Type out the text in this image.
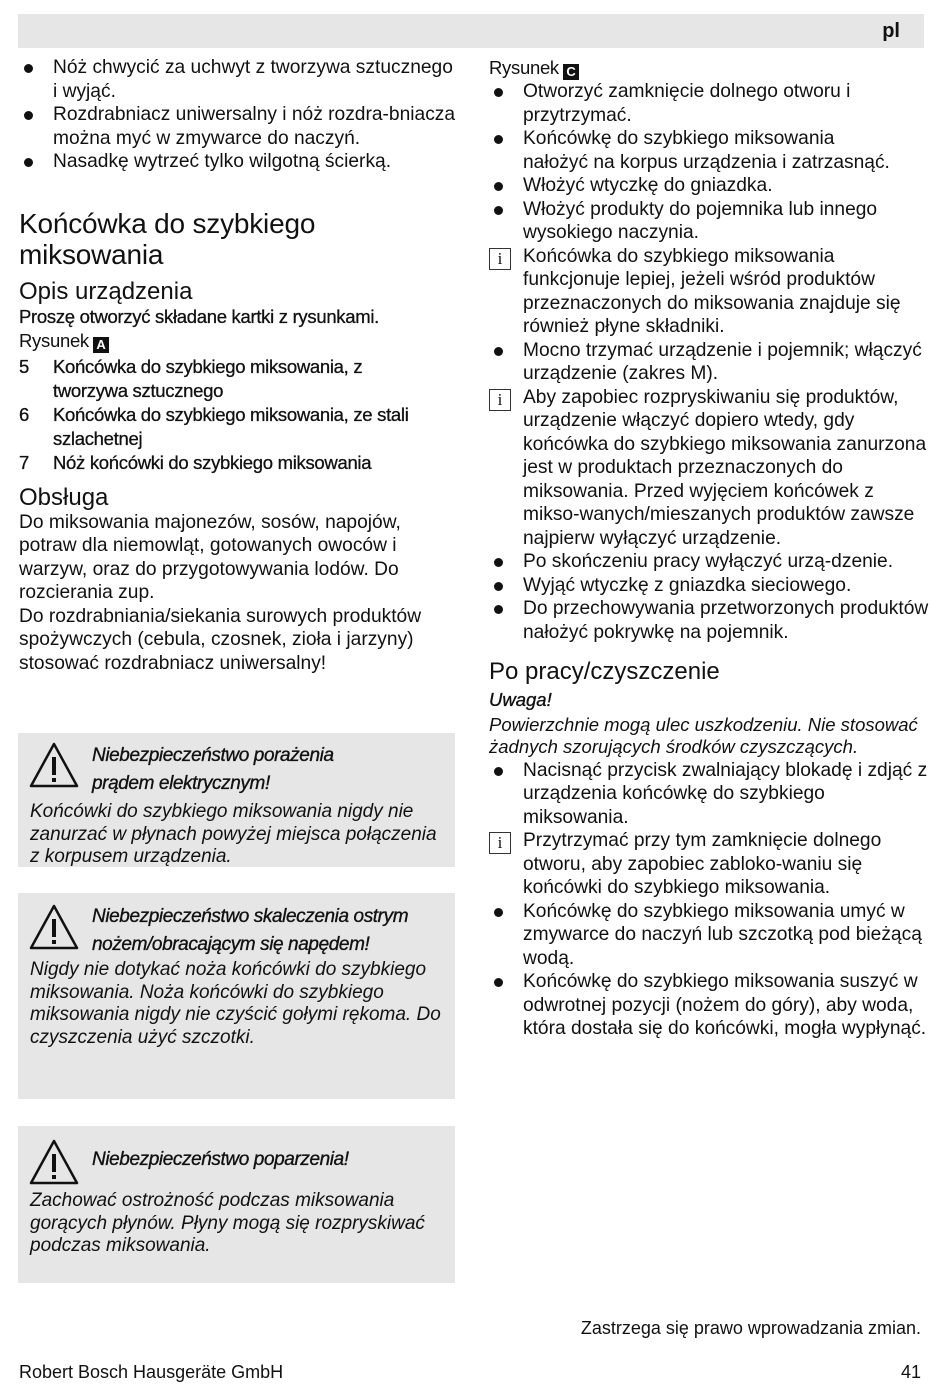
pl
Nóż chwycić za uchwyt z tworzywa sztucznego i wyjąć.
Rozdrabniacz uniwersalny i nóż rozdra-bniacza można myć w zmywarce do naczyń.
Nasadkę wytrzeć tylko wilgotną ścierką.
Końcówka do szybkiego miksowania
Opis urządzenia

Proszę otworzyć składane kartki z rysunkami.

Rysunek A

5 Końcówka do szybkiego miksowania, z tworzywa sztucznego
6 Końcówka do szybkiego miksowania, ze stali szlachetnej
7 Nóż końcówki do szybkiego miksowania
Obsługa

Do miksowania majonezów, sosów, napojów, potraw dla niemowląt, gotowanych owoców i warzyw, oraz do przygotowywania lodów. Do rozcierania zup.

Do rozdrabniania/siekania surowych produktów spożywczych (cebula, czosnek, zioła i jarzyny) stosować rozdrabniacz uniwersalny!

Niebezpieczeństwo porażenia prądem elektrycznym!
Końcówki do szybkiego miksowania nigdy nie zanurzać w płynach powyżej miejsca połączenia z korpusem urządzenia.
Niebezpieczeństwo skaleczenia ostrym nożem/obracającym się napędem!
Nigdy nie dotykać noża końcówki do szybkiego miksowania. Noża końcówki do szybkiego miksowania nigdy nie czyścić gołymi rękoma. Do czyszczenia użyć szczotki.
Niebezpieczeństwo poparzenia!
Zachować ostrożność podczas miksowania gorących płynów. Płyny mogą się rozpryskiwać podczas miksowania.

Rysunek C

Otworzyć zamknięcie dolnego otworu i przytrzymać.
Końcówkę do szybkiego miksowania nałożyć na korpus urządzenia i zatrzasnąć.
Włożyć wtyczkę do gniazdka.
Włożyć produkty do pojemnika lub innego wysokiego naczynia.
i	Końcówka do szybkiego miksowania funkcjonuje lepiej, jeżeli wśród produktów przeznaczonych do miksowania znajduje się również płyne składniki.
Mocno trzymać urządzenie i pojemnik; włączyć urządzenie (zakres M).
i	Aby zapobiec rozpryskiwaniu się produktów, urządzenie włączyć dopiero wtedy, gdy końcówka do szybkiego miksowania zanurzona jest w produktach przeznaczonych do miksowania. Przed wyjęciem końcówek z mikso-wanych/mieszanych produktów zawsze najpierw wyłączyć urządzenie.
Po skończeniu pracy wyłączyć urzą-dzenie.
Wyjąć wtyczkę z gniazdka sieciowego.
Do przechowywania przetworzonych produktów nałożyć pokrywkę na pojemnik.
Po pracy/czyszczenie

Uwaga!

Powierzchnie mogą ulec uszkodzeniu. Nie stosować żadnych szorujących środków czyszczących.

Nacisnąć przycisk zwalniający blokadę i zdjąć z urządzenia końcówkę do szybkiego miksowania.
i	Przytrzymać przy tym zamknięcie dolnego otworu, aby zapobiec zabloko-waniu się końcówki do szybkiego miksowania.
Końcówkę do szybkiego miksowania umyć w zmywarce do naczyń lub szczotką pod bieżącą wodą.
Końcówkę do szybkiego miksowania suszyć w odwrotnej pozycji (nożem do góry), aby woda, która dostała się do końcówki, mogła wypłynąć.
Zastrzega się prawo wprowadzania zmian.
Robert Bosch Hausgeräte GmbH	41
